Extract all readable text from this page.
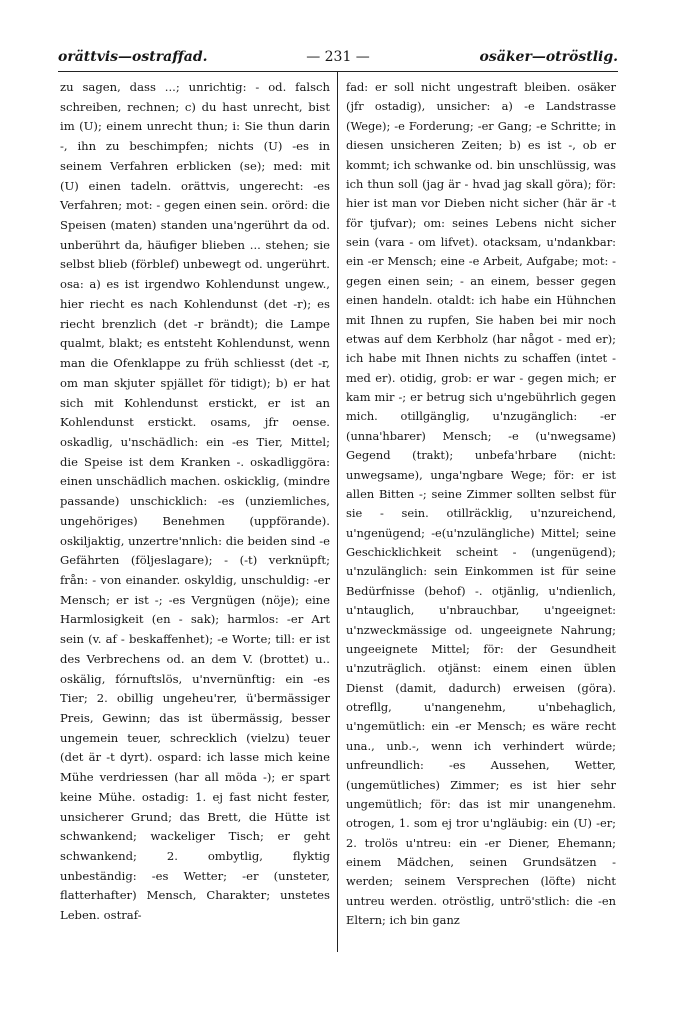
orättvis—ostraffad.	— 231 —	osäker—otröstlig.

zu sagen, dass ...; unrichtig: - od. falsch schreiben, rechnen; c) du hast unrecht, bist im (U); einem unrecht thun; i: Sie thun darin -, ihn zu beschimpfen; nichts (U) -es in seinem Verfahren erblicken (se); med: mit (U) einen tadeln. orättvis, ungerecht: -es Verfahren; mot: - gegen einen sein. orörd: die Speisen (maten) standen una'ngerührt da od. unberührt da, häufiger blieben ... stehen; sie selbst blieb (förblef) unbewegt od. ungerührt. osa: a) es ist irgendwo Kohlendunst ungew., hier riecht es nach Kohlendunst (det -r); es riecht brenzlich (det -r brändt); die Lampe qualmt, blakt; es entsteht Kohlendunst, wenn man die Ofenklappe zu früh schliesst (det -r, om man skjuter spjället för tidigt); b) er hat sich mit Kohlendunst erstickt, er ist an Kohlendunst erstickt. osams, jfr oense. oskadlig, u'nschädlich: ein -es Tier, Mittel; die Speise ist dem Kranken -. oskadliggöra: einen unschädlich machen. oskicklig, (mindre passande) unschicklich: -es (unziemliches, ungehöriges) Benehmen (uppförande). oskiljaktig, unzertre'nnlich: die beiden sind -e Gefährten (följeslagare); - (-t) verknüpft; från: - von einander. oskyldig, unschuldig: -er Mensch; er ist -; -es Vergnügen (nöje); eine Harmlosigkeit (en - sak); harmlos: -er Art sein (v. af - beskaffenhet); -e Worte; till: er ist des Verbrechens od. an dem V. (brottet) u.. oskälig, fórnuftslös, u'nvernünftig: ein -es Tier; 2. obillig ungeheu'rer, ü'bermässiger Preis, Gewinn; das ist übermässig, besser ungemein teuer, schrecklich (vielzu) teuer (det är -t dyrt). ospard: ich lasse mich keine Mühe verdriessen (har all möda -); er spart keine Mühe. ostadig: 1. ej fast nicht fester, unsicherer Grund; das Brett, die Hütte ist schwankend; wackeliger Tisch; er geht schwankend; 2. ombytlig, flyktig unbeständig: -es Wetter; -er (unsteter, flatterhafter) Mensch, Charakter; unstetes Leben. ostraf-

fad: er soll nicht ungestraft bleiben. osäker (jfr ostadig), unsicher: a) -e Landstrasse (Wege); -e Forderung; -er Gang; -e Schritte; in diesen unsicheren Zeiten; b) es ist -, ob er kommt; ich schwanke od. bin unschlüssig, was ich thun soll (jag är - hvad jag skall göra); för: hier ist man vor Dieben nicht sicher (här är -t för tjufvar); om: seines Lebens nicht sicher sein (vara - om lifvet). otacksam, u'ndankbar: ein -er Mensch; eine -e Arbeit, Aufgabe; mot: - gegen einen sein; - an einem, besser gegen einen handeln. otaldt: ich habe ein Hühnchen mit Ihnen zu rupfen, Sie haben bei mir noch etwas auf dem Kerbholz (har något - med er); ich habe mit Ihnen nichts zu schaffen (intet - med er). otidig, grob: er war - gegen mich; er kam mir -; er betrug sich u'ngebührlich gegen mich. otillgänglig, u'nzugänglich: -er (unna'hbarer) Mensch; -e (u'nwegsame) Gegend (trakt); unbefa'hrbare (nicht: unwegsame), unga'ngbare Wege; för: er ist allen Bitten -; seine Zimmer sollten selbst für sie - sein. otillräcklig, u'nzureichend, u'ngenügend; -e(u'nzulängliche) Mittel; seine Geschicklichkeit scheint - (ungenügend); u'nzulänglich: sein Einkommen ist für seine Bedürfnisse (behof) -. otjänlig, u'ndienlich, u'ntauglich, u'nbrauchbar, u'ngeeignet: u'nzweckmässige od. ungeeignete Nahrung; ungeeignete Mittel; för: der Gesundheit u'nzuträglich. otjänst: einem einen üblen Dienst (damit, dadurch) erweisen (göra). otrefllg, u'nangenehm, u'nbehaglich, u'ngemütlich: ein -er Mensch; es wäre recht una., unb.-, wenn ich verhindert würde; unfreundlich: -es Aussehen, Wetter, (ungemütliches) Zimmer; es ist hier sehr ungemütlich; för: das ist mir unangenehm. otrogen, 1. som ej tror u'ngläubig: ein (U) -er; 2. trolös u'ntreu: ein -er Diener, Ehemann; einem Mädchen, seinen Grundsätzen - werden; seinem Versprechen (löfte) nicht untreu werden. otröstlig, untrö'stlich: die -en Eltern; ich bin ganz
